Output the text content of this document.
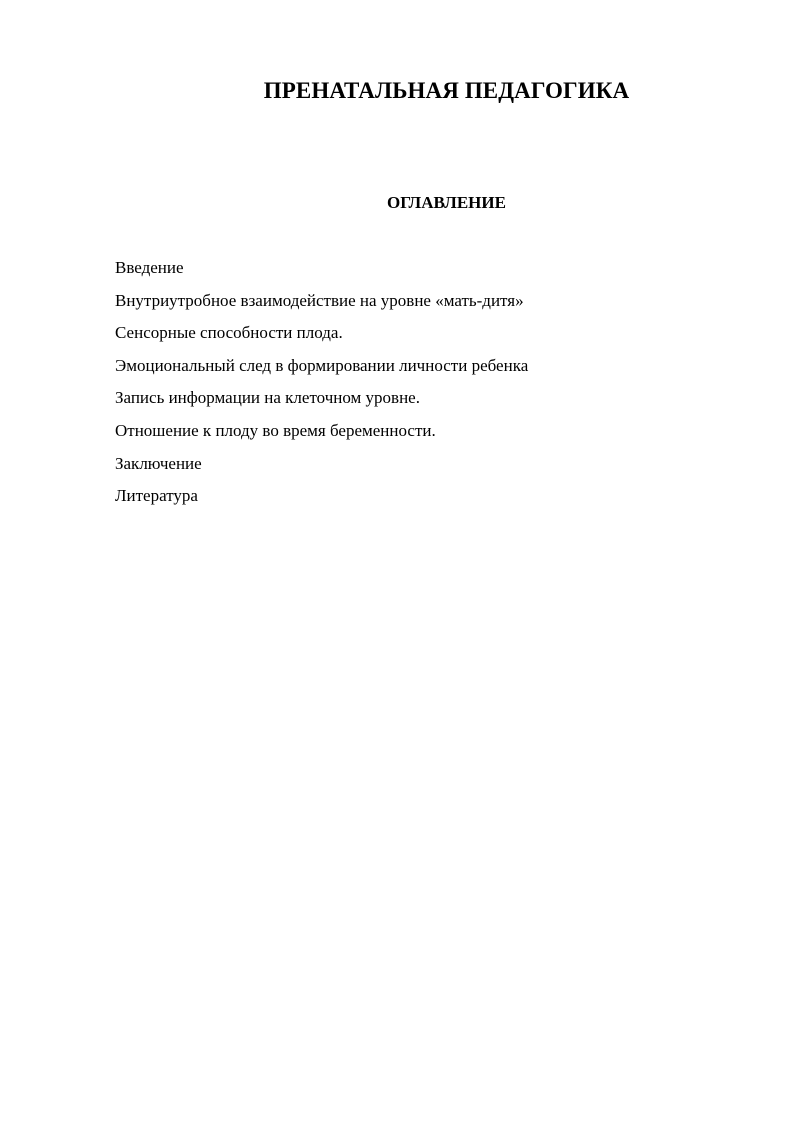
ПРЕНАТАЛЬНАЯ ПЕДАГОГИКА
ОГЛАВЛЕНИЕ
Введение
Внутриутробное взаимодействие на уровне «мать-дитя»
Сенсорные способности плода.
Эмоциональный след в формировании личности ребенка
Запись информации на клеточном уровне.
Отношение к плоду во время беременности.
Заключение
Литература
